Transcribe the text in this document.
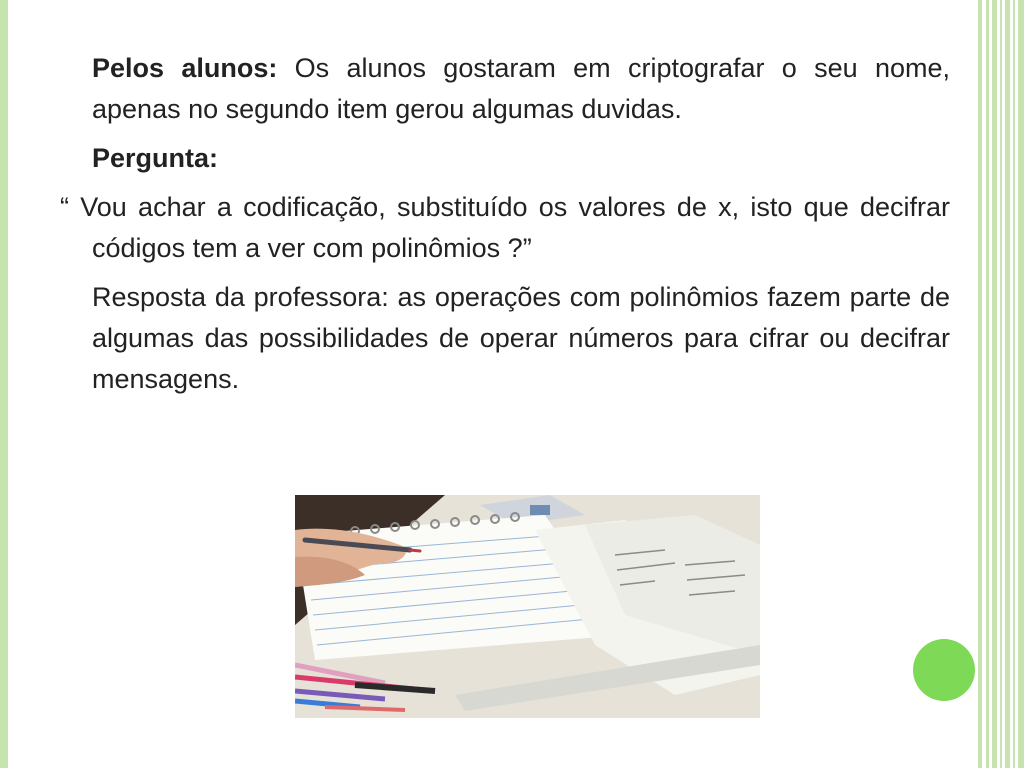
Pelos alunos: Os alunos gostaram em criptografar o seu nome, apenas no segundo item gerou algumas duvidas.

Pergunta:

“ Vou achar a codificação, substituído os valores de x, isto que decifrar códigos tem a ver com polinômios ?”

Resposta da professora: as operações com polinômios fazem parte de algumas das possibilidades de operar números para cifrar ou decifrar mensagens.
